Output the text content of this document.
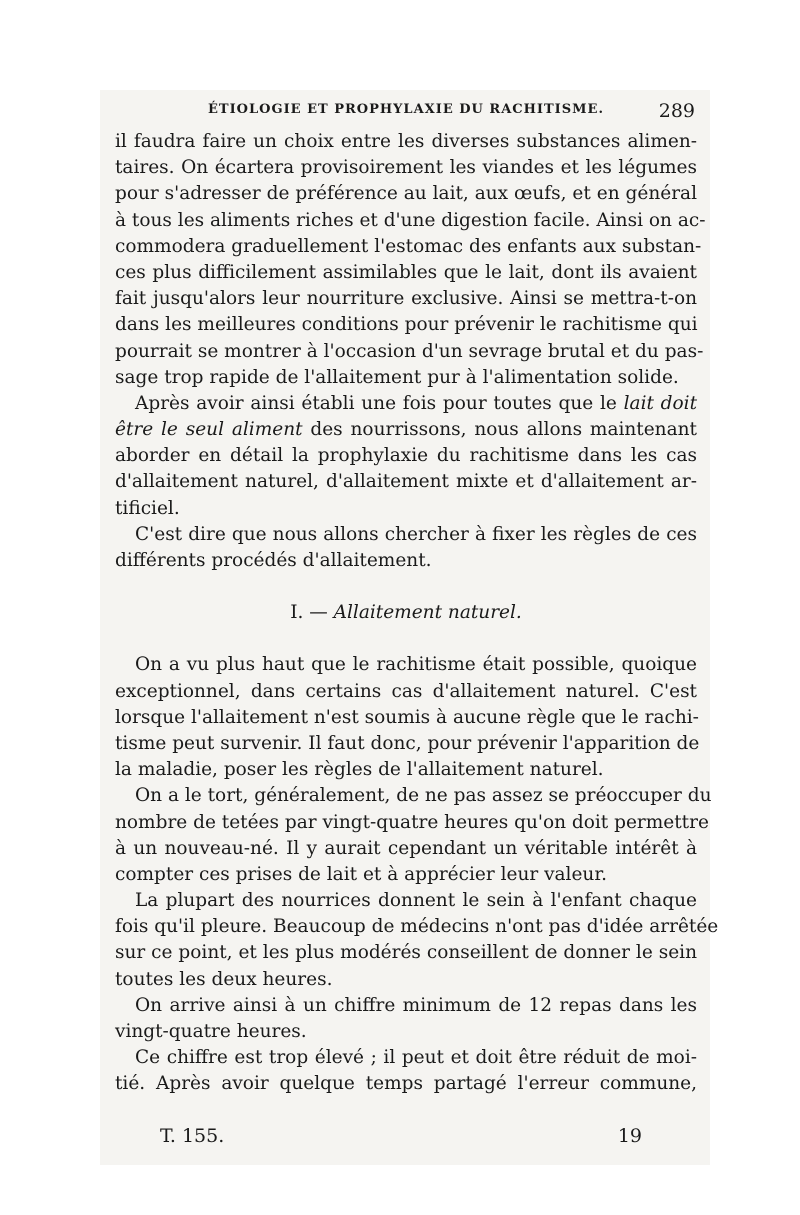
ÉTIOLOGIE ET PROPHYLAXIE DU RACHITISME.	289
il faudra faire un choix entre les diverses substances alimen-
taires. On écartera provisoirement les viandes et les légumes
pour s'adresser de préférence au lait, aux œufs, et en général
à tous les aliments riches et d'une digestion facile. Ainsi on ac-
commodera graduellement l'estomac des enfants aux substan-
ces plus difficilement assimilables que le lait, dont ils avaient
fait jusqu'alors leur nourriture exclusive. Ainsi se mettra-t-on
dans les meilleures conditions pour prévenir le rachitisme qui
pourrait se montrer à l'occasion d'un sevrage brutal et du pas-
sage trop rapide de l'allaitement pur à l'alimentation solide.
Après avoir ainsi établi une fois pour toutes que le lait doit
être le seul aliment des nourrissons, nous allons maintenant
aborder en détail la prophylaxie du rachitisme dans les cas
d'allaitement naturel, d'allaitement mixte et d'allaitement ar-
tificiel.
C'est dire que nous allons chercher à fixer les règles de ces
différents procédés d'allaitement.
I. — Allaitement naturel.
On a vu plus haut que le rachitisme était possible, quoique
exceptionnel, dans certains cas d'allaitement naturel. C'est
lorsque l'allaitement n'est soumis à aucune règle que le rachi-
tisme peut survenir. Il faut donc, pour prévenir l'apparition de
la maladie, poser les règles de l'allaitement naturel.
On a le tort, généralement, de ne pas assez se préoccuper du
nombre de tetées par vingt-quatre heures qu'on doit permettre
à un nouveau-né. Il y aurait cependant un véritable intérêt à
compter ces prises de lait et à apprécier leur valeur.
La plupart des nourrices donnent le sein à l'enfant chaque
fois qu'il pleure. Beaucoup de médecins n'ont pas d'idée arrêtée
sur ce point, et les plus modérés conseillent de donner le sein
toutes les deux heures.
On arrive ainsi à un chiffre minimum de 12 repas dans les
vingt-quatre heures.
Ce chiffre est trop élevé ; il peut et doit être réduit de moi-
tié. Après avoir quelque temps partagé l'erreur commune,
T. 155.	19
